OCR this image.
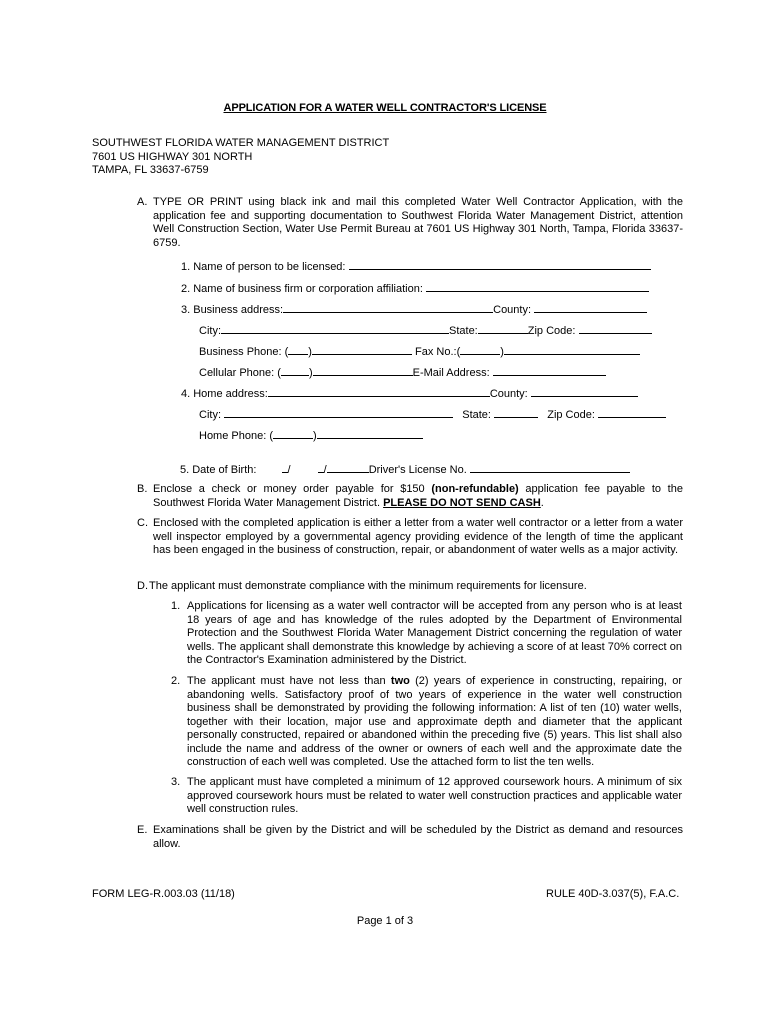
APPLICATION FOR A WATER WELL CONTRACTOR'S LICENSE
SOUTHWEST FLORIDA WATER MANAGEMENT DISTRICT
7601 US HIGHWAY 301 NORTH
TAMPA, FL 33637-6759
A. TYPE OR PRINT using black ink and mail this completed Water Well Contractor Application, with the application fee and supporting documentation to Southwest Florida Water Management District, attention Well Construction Section, Water Use Permit Bureau at 7601 US Highway 301 North, Tampa, Florida 33637-6759.
1. Name of person to be licensed:
2. Name of business firm or corporation affiliation:
3. Business address:	County:
City:	State:	Zip Code:
Business Phone: ( )	Fax No.:(	)
Cellular Phone: (	)	E-Mail Address:
4. Home address:	County:
City:	State:	Zip Code:
Home Phone: (	)
5. Date of Birth:	/	/	Driver's License No.
B. Enclose a check or money order payable for $150 (non-refundable) application fee payable to the Southwest Florida Water Management District. PLEASE DO NOT SEND CASH.
C. Enclosed with the completed application is either a letter from a water well contractor or a letter from a water well inspector employed by a governmental agency providing evidence of the length of time the applicant has been engaged in the business of construction, repair, or abandonment of water wells as a major activity.
D. The applicant must demonstrate compliance with the minimum requirements for licensure.
1. Applications for licensing as a water well contractor will be accepted from any person who is at least 18 years of age and has knowledge of the rules adopted by the Department of Environmental Protection and the Southwest Florida Water Management District concerning the regulation of water wells. The applicant shall demonstrate this knowledge by achieving a score of at least 70% correct on the Contractor's Examination administered by the District.
2. The applicant must have not less than two (2) years of experience in constructing, repairing, or abandoning wells. Satisfactory proof of two years of experience in the water well construction business shall be demonstrated by providing the following information: A list of ten (10) water wells, together with their location, major use and approximate depth and diameter that the applicant personally constructed, repaired or abandoned within the preceding five (5) years. This list shall also include the name and address of the owner or owners of each well and the approximate date the construction of each well was completed. Use the attached form to list the ten wells.
3. The applicant must have completed a minimum of 12 approved coursework hours. A minimum of six approved coursework hours must be related to water well construction practices and applicable water well construction rules.
E. Examinations shall be given by the District and will be scheduled by the District as demand and resources allow.
FORM LEG-R.003.03 (11/18)	RULE 40D-3.037(5), F.A.C.
Page 1 of 3
